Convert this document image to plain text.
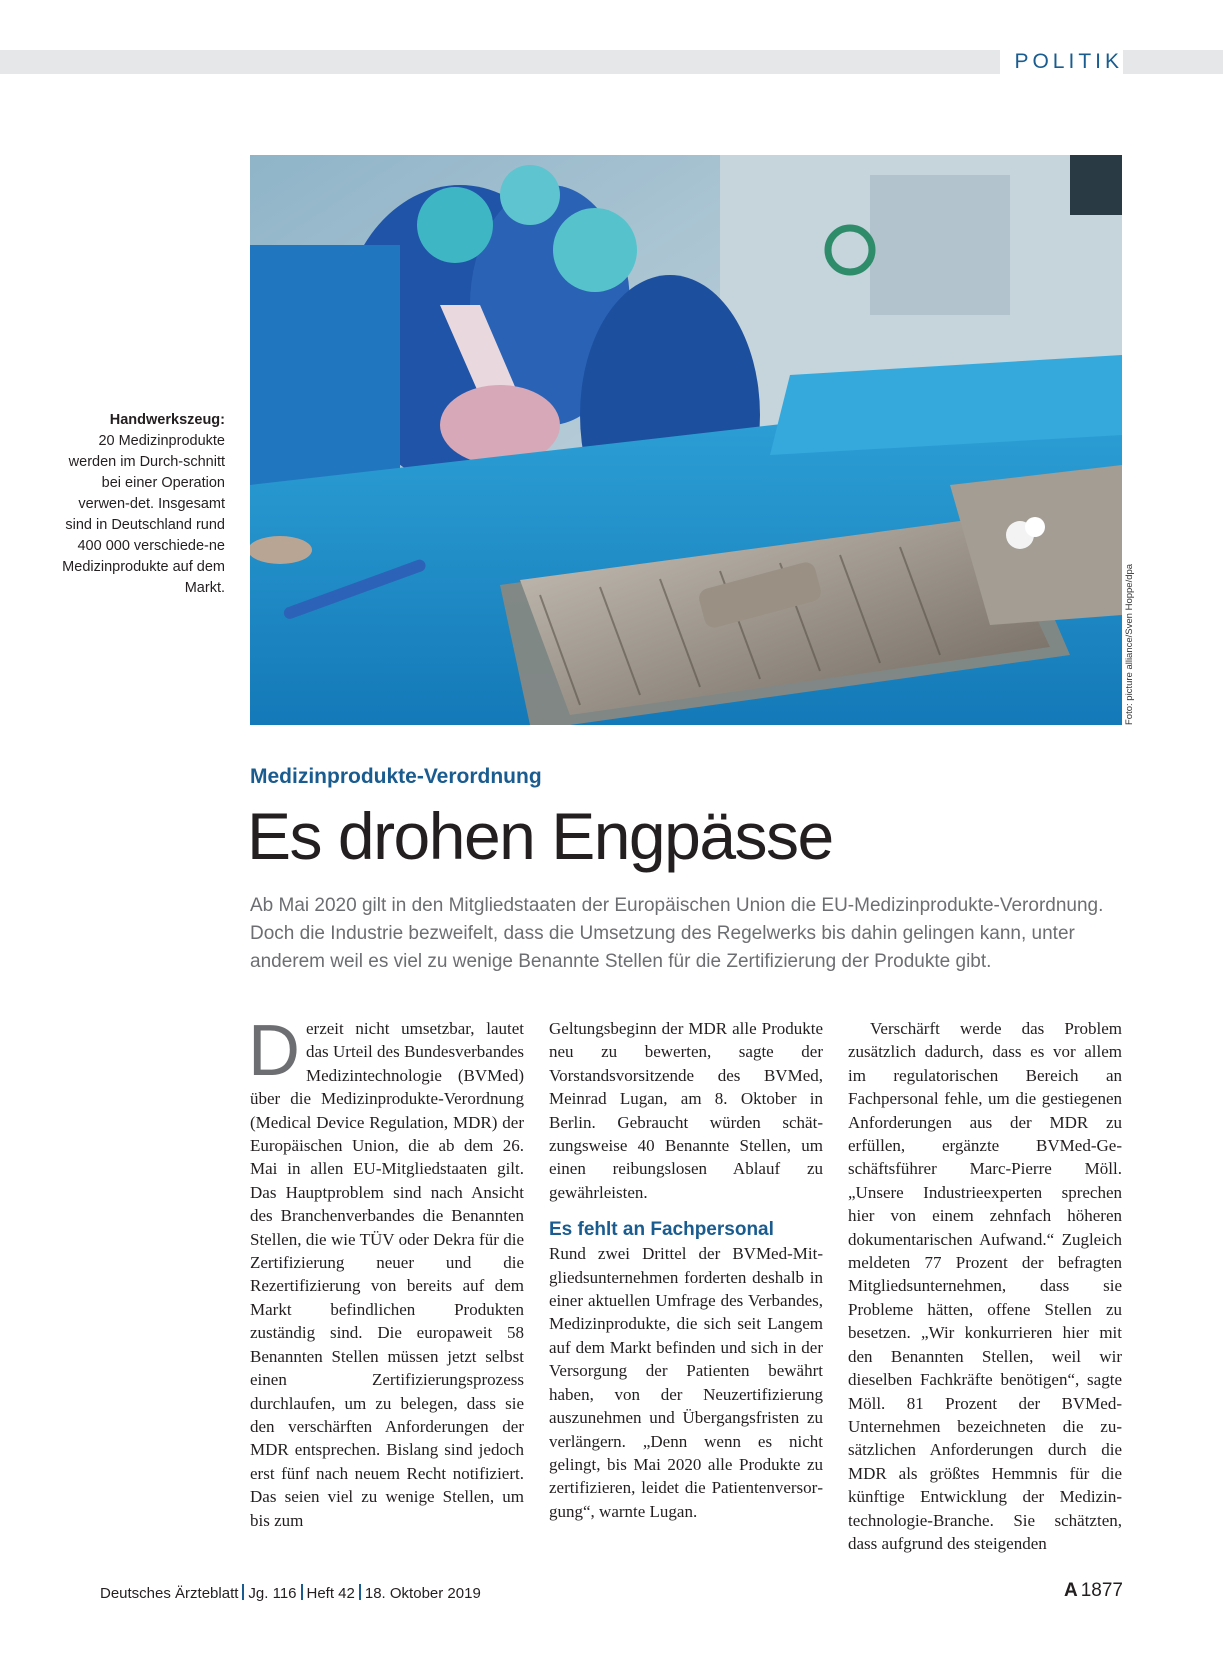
POLITIK
Handwerkszeug:
20 Medizinprodukte werden im Durch-schnitt bei einer Operation verwen-det. Insgesamt sind in Deutschland rund 400 000 verschiede-ne Medizinprodukte auf dem Markt.	Foto: picture alliance/Sven Hoppe/dpa
Medizinprodukte-Verordnung
Es drohen Engpässe
Ab Mai 2020 gilt in den Mitgliedstaaten der Europäischen Union die EU-Medizinprodukte-Verordnung. Doch die Industrie bezweifelt, dass die Umsetzung des Regelwerks bis dahin gelingen kann, unter anderem weil es viel zu wenige Benannte Stellen für die Zertifizierung der Produkte gibt.

Derzeit nicht umsetzbar, lautet das Urteil des Bundesverbandes Medizintechnologie (BVMed) über die Medizinprodukte-Verordnung (Medical Device Regulation, MDR) der Europäischen Union, die ab dem 26. Mai in allen EU-Mitgliedstaaten gilt. Das Hauptproblem sind nach Ansicht des Branchenverbandes die Benannten Stellen, die wie TÜV oder Dekra für die Zertifizierung neuer und die Rezertifizierung von bereits auf dem Markt befindlichen Produkten zuständig sind. Die europaweit 58 Benannten Stellen müssen jetzt selbst einen Zertifizierungsprozess durchlaufen, um zu belegen, dass sie den verschärften Anforderungen der MDR entsprechen. Bislang sind jedoch erst fünf nach neuem Recht notifiziert. Das seien viel zu wenige Stellen, um bis zum

Geltungsbeginn der MDR alle Produkte neu zu bewerten, sagte der Vorstandsvorsitzende des BVMed, Meinrad Lugan, am 8. Oktober in Berlin. Gebraucht würden schätzungsweise 40 Benannte Stellen, um einen reibungslosen Ablauf zu gewährleisten.

Es fehlt an Fachpersonal

Rund zwei Drittel der BVMed-Mitgliedsunternehmen forderten deshalb in einer aktuellen Umfrage des Verbandes, Medizinprodukte, die sich seit Langem auf dem Markt befinden und sich in der Versorgung der Patienten bewährt haben, von der Neuzertifizierung auszunehmen und Übergangsfristen zu verlängern. „Denn wenn es nicht gelingt, bis Mai 2020 alle Produkte zu zertifizieren, leidet die Patientenversorgung“, warnte Lugan.

Verschärft werde das Problem zusätzlich dadurch, dass es vor allem im regulatorischen Bereich an Fachpersonal fehle, um die gestiegenen Anforderungen aus der MDR zu erfüllen, ergänzte BVMed-Geschäftsführer Marc-Pierre Möll. „Unsere Industrieexperten sprechen hier von einem zehnfach höheren dokumentarischen Aufwand.“ Zugleich meldeten 77 Prozent der befragten Mitgliedsunternehmen, dass sie Probleme hätten, offene Stellen zu besetzen. „Wir konkurrieren hier mit den Benannten Stellen, weil wir dieselben Fachkräfte benötigen“, sagte Möll. 81 Prozent der BVMed-Unternehmen bezeichneten die zusätzlichen Anforderungen durch die MDR als größtes Hemmnis für die künftige Entwicklung der Medizintechnologie-Branche. Sie schätzten, dass aufgrund des steigenden

Deutsches Ärzteblatt Jg. 116 Heft 42 18. Oktober 2019	A 1877
